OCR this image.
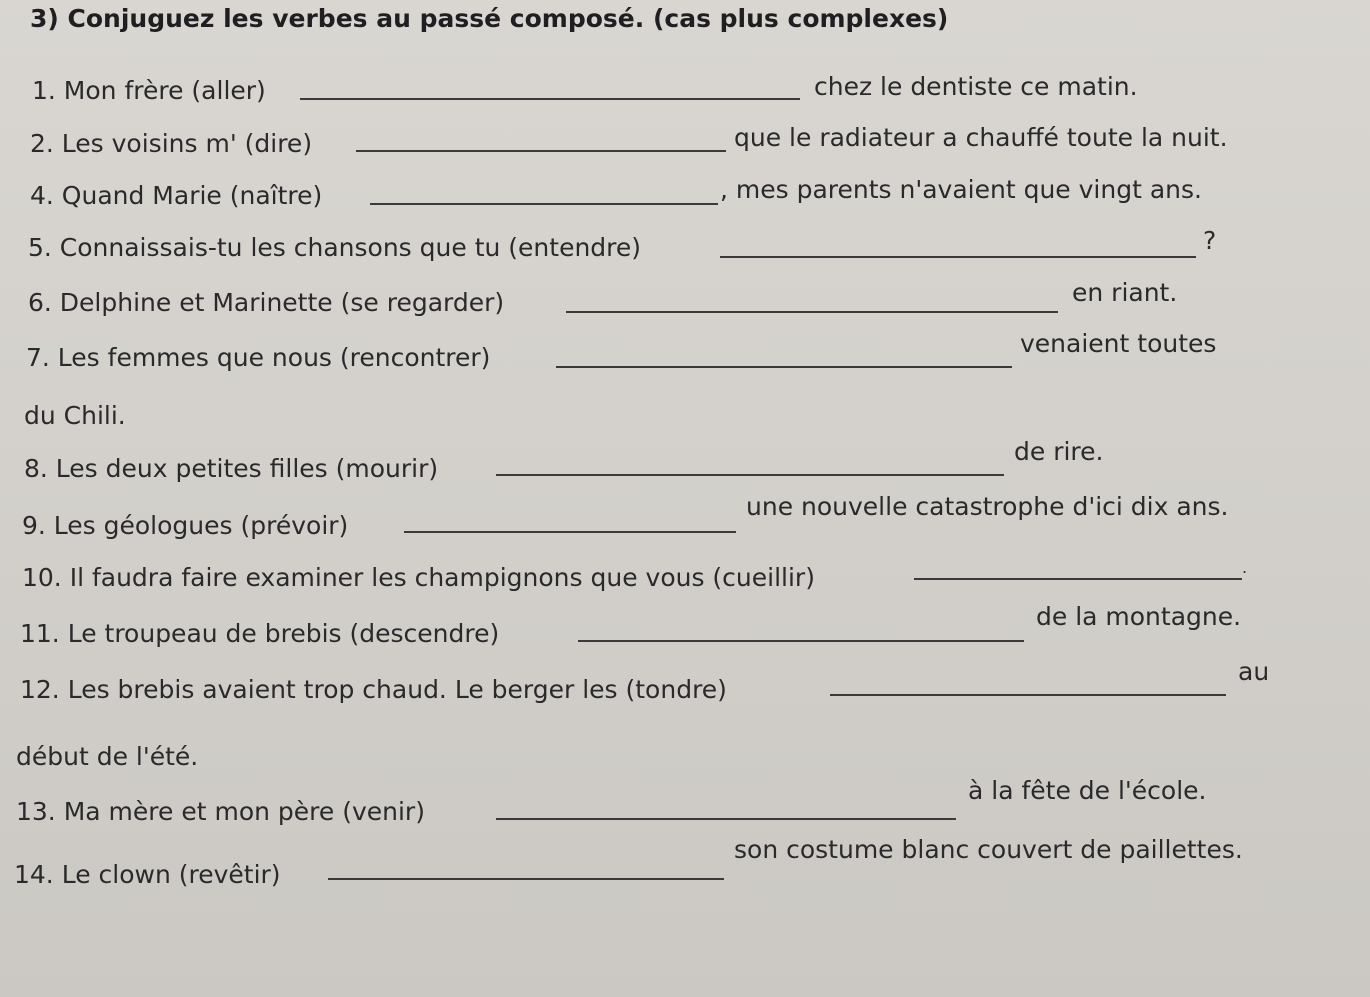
3) Conjuguez les verbes au passé composé. (cas plus complexes)
1. Mon frère (aller)	chez le dentiste ce matin.
2. Les voisins m' (dire)	que le radiateur a chauffé toute la nuit.
4. Quand Marie (naître)	, mes parents n'avaient que vingt ans.
5. Connaissais-tu les chansons que tu (entendre)	?
6. Delphine et Marinette (se regarder)	en riant.
7. Les femmes que nous (rencontrer)	venaient toutes
du Chili.
8. Les deux petites filles (mourir)
de rire.
9. Les géologues (prévoir)
une nouvelle catastrophe d'ici dix ans.
10. Il faudra faire examiner les champignons que vous (cueillir)	.
11. Le troupeau de brebis (descendre)
de la montagne.
12. Les brebis avaient trop chaud. Le berger les (tondre)
au
début de l'été.
13. Ma mère et mon père (venir)
à la fête de l'école.
14. Le clown (revêtir)
son costume blanc couvert de paillettes.
